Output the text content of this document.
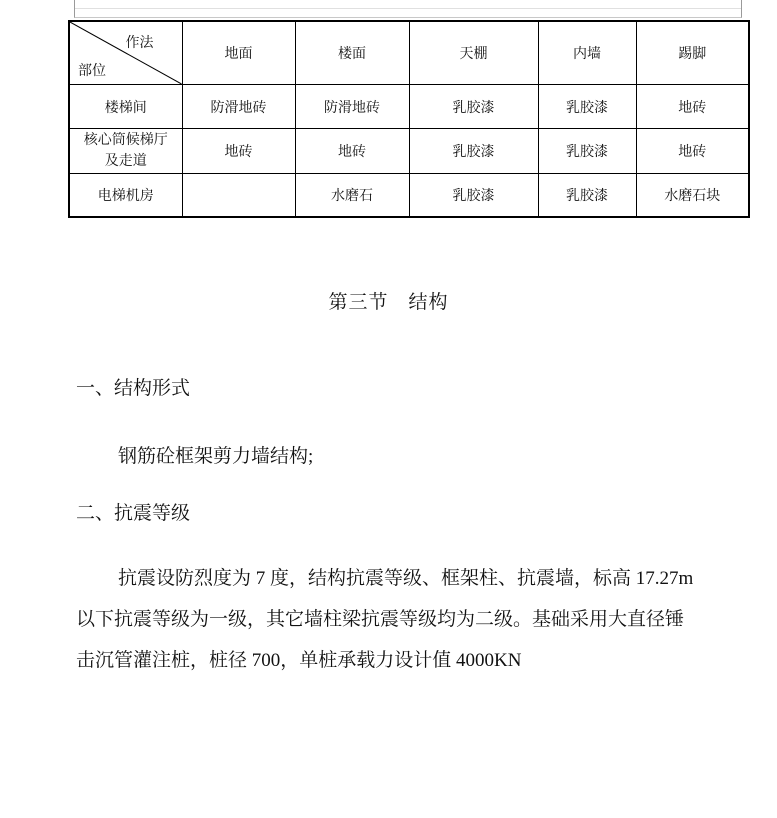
作法
部位	地面	楼面	天棚	内墙	踢脚
楼梯间	防滑地砖	防滑地砖	乳胶漆	乳胶漆	地砖

核心筒候梯厅
及走道	地砖	地砖	乳胶漆	乳胶漆	地砖
电梯机房		水磨石	乳胶漆	乳胶漆	水磨石块
第三节 结构
一、结构形式
钢筋砼框架剪力墙结构;
二、抗震等级
抗震设防烈度为 7 度，结构抗震等级、框架柱、抗震墙，标高 17.27m
以下抗震等级为一级，其它墙柱梁抗震等级均为二级。基础采用大直径锤
击沉管灌注桩，桩径 700，单桩承载力设计值 4000KN
